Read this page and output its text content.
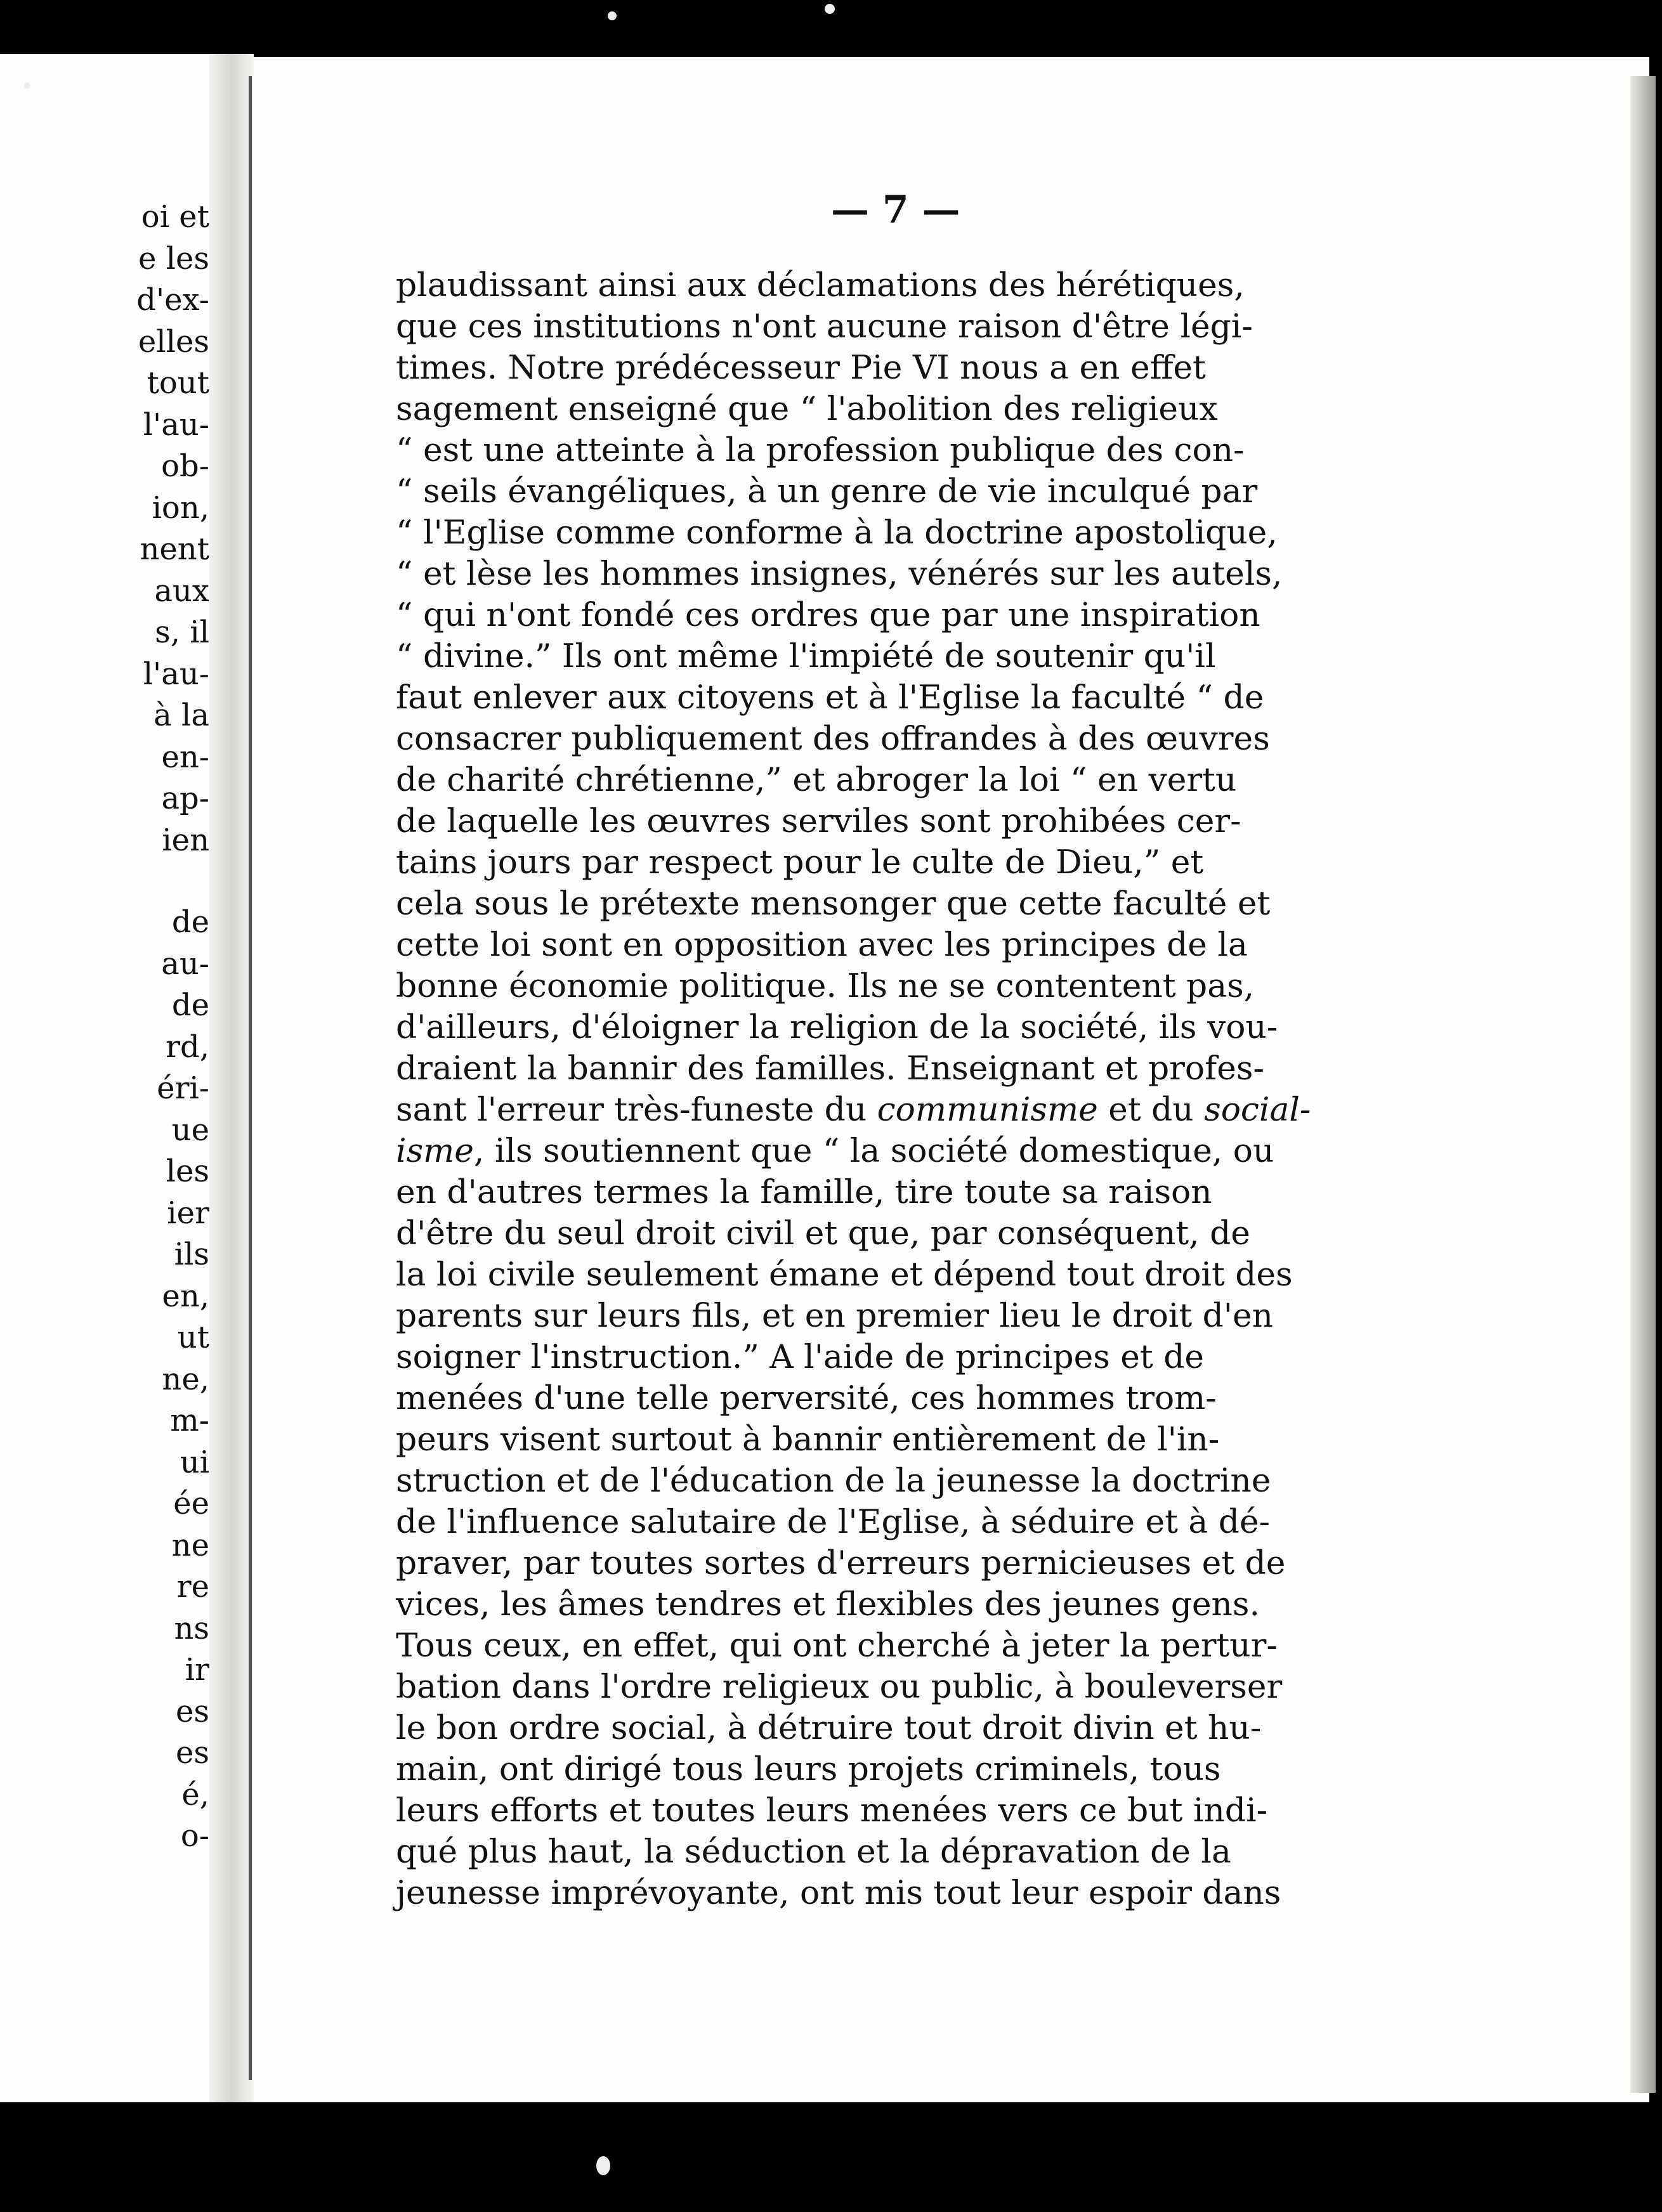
oi et
e les
d'ex-
elles
tout
l'au-
ob-
ion,
nent
aux
s, il
l'au-
à la
en-
ap-
ien
de
au-
de
rd,
éri-
ue
les
ier
ils
en,
ut
ne,
m-
ui
ée
ne
re
ns
ir
es
es
é,
o-
— 7 —
plaudissant ainsi aux déclamations des hérétiques,
que ces institutions n'ont aucune raison d'être légi-
times. Notre prédécesseur Pie VI nous a en effet
sagement enseigné que “ l'abolition des religieux
“ est une atteinte à la profession publique des con-
“ seils évangéliques, à un genre de vie inculqué par
“ l'Eglise comme conforme à la doctrine apostolique,
“ et lèse les hommes insignes, vénérés sur les autels,
“ qui n'ont fondé ces ordres que par une inspiration
“ divine.” Ils ont même l'impiété de soutenir qu'il
faut enlever aux citoyens et à l'Eglise la faculté “ de
consacrer publiquement des offrandes à des œuvres
de charité chrétienne,” et abroger la loi “ en vertu
de laquelle les œuvres serviles sont prohibées cer-
tains jours par respect pour le culte de Dieu,” et
cela sous le prétexte mensonger que cette faculté et
cette loi sont en opposition avec les principes de la
bonne économie politique. Ils ne se contentent pas,
d'ailleurs, d'éloigner la religion de la société, ils vou-
draient la bannir des familles. Enseignant et profes-
sant l'erreur très-funeste du communisme et du social-
isme, ils soutiennent que “ la société domestique, ou
en d'autres termes la famille, tire toute sa raison
d'être du seul droit civil et que, par conséquent, de
la loi civile seulement émane et dépend tout droit des
parents sur leurs fils, et en premier lieu le droit d'en
soigner l'instruction.” A l'aide de principes et de
menées d'une telle perversité, ces hommes trom-
peurs visent surtout à bannir entièrement de l'in-
struction et de l'éducation de la jeunesse la doctrine
de l'influence salutaire de l'Eglise, à séduire et à dé-
praver, par toutes sortes d'erreurs pernicieuses et de
vices, les âmes tendres et flexibles des jeunes gens.
Tous ceux, en effet, qui ont cherché à jeter la pertur-
bation dans l'ordre religieux ou public, à bouleverser
le bon ordre social, à détruire tout droit divin et hu-
main, ont dirigé tous leurs projets criminels, tous
leurs efforts et toutes leurs menées vers ce but indi-
qué plus haut, la séduction et la dépravation de la
jeunesse imprévoyante, ont mis tout leur espoir dans
